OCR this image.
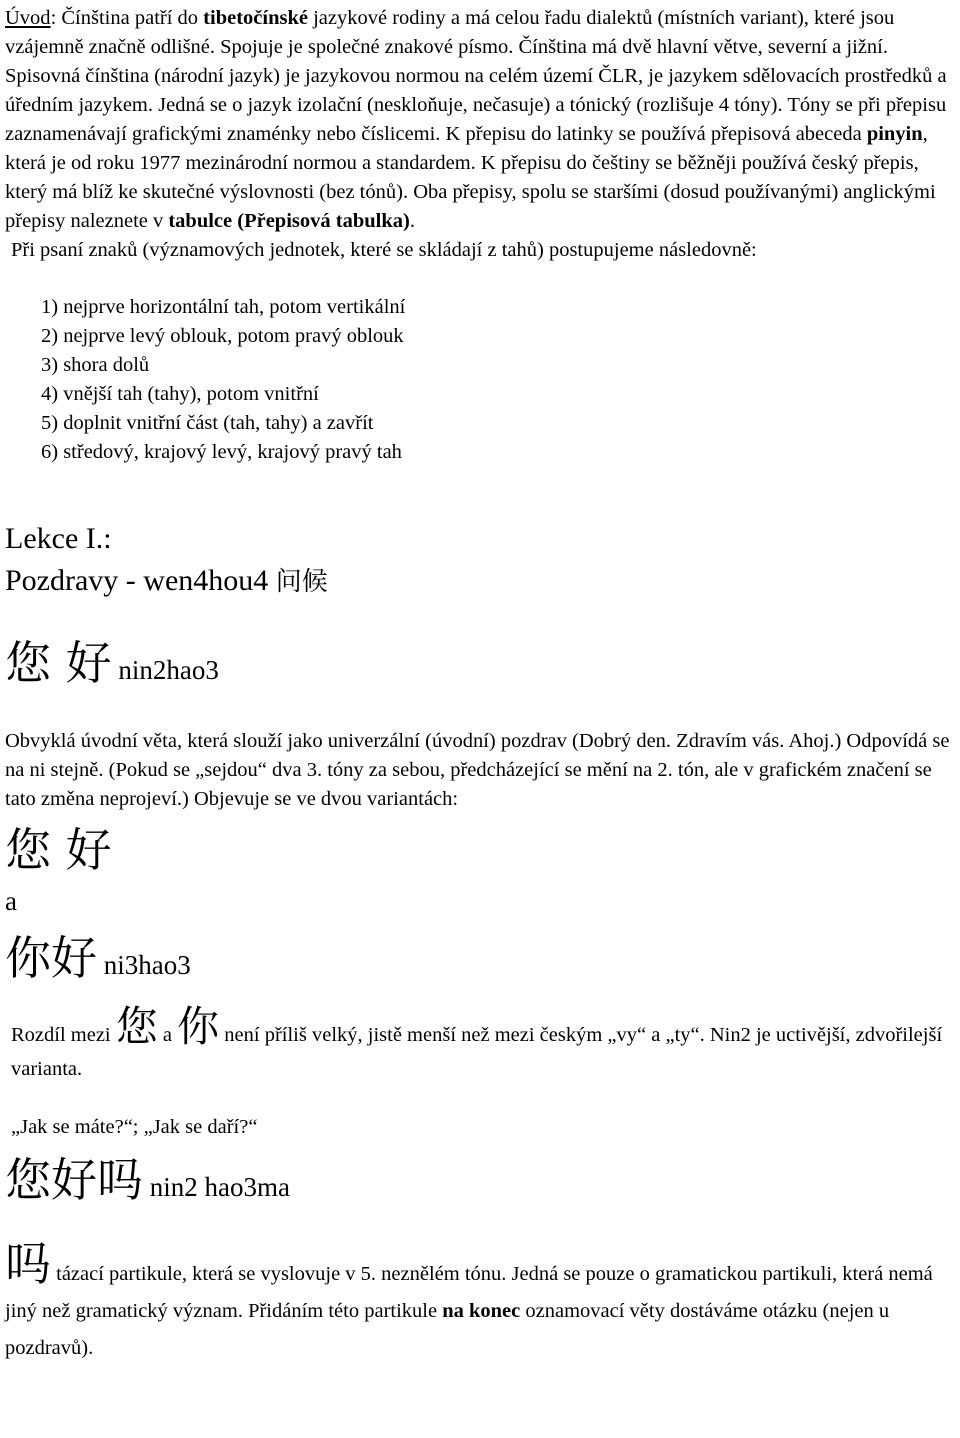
Úvod: Čínština patří do tibetočínské jazykové rodiny a má celou řadu dialektů (místních variant), které jsou vzájemně značně odlišné. Spojuje je společné znakové písmo. Čínština má dvě hlavní větve, severní a jižní. Spisovná čínština (národní jazyk) je jazykovou normou na celém území ČLR, je jazykem sdělovacích prostředků a úředním jazykem. Jedná se o jazyk izolační (neskloňuje, nečasuje) a tónický (rozlišuje 4 tóny). Tóny se při přepisu zaznamenávají grafickými znaménky nebo číslicemi. K přepisu do latinky se používá přepisová abeceda pinyin, která je od roku 1977 mezinárodní normou a standardem. K přepisu do češtiny se běžněji používá český přepis, který má blíž ke skutečné výslovnosti (bez tónů). Oba přepisy, spolu se staršími (dosud používanými) anglickými přepisy naleznete v tabulce (Přepisová tabulka).

Při psaní znaků (významových jednotek, které se skládají z tahů) postupujeme následovně:

1) nejprve horizontální tah, potom vertikální
2) nejprve levý oblouk, potom pravý oblouk
3) shora dolů
4) vnější tah (tahy), potom vnitřní
5) doplnit vnitřní část (tah, tahy) a zavřít
6) středový, krajový levý, krajový pravý tah

Lekce I.:

Pozdravy - wen4hou4 问候

您 好 nin2hao3

Obvyklá úvodní věta, která slouží jako univerzální (úvodní) pozdrav (Dobrý den. Zdravím vás. Ahoj.) Odpovídá se na ni stejně. (Pokud se „sejdou“ dva 3. tóny za sebou, předcházející se mění na 2. tón, ale v grafickém značení se tato změna neprojeví.) Objevuje se ve dvou variantách:

您 好

a

你好 ni3hao3

Rozdíl mezi 您 a 你 není příliš velký, jistě menší než mezi českým „vy“ a „ty“. Nin2 je uctivější, zdvořilejší varianta.

„Jak se máte?“; „Jak se daří?“

您好吗 nin2 hao3ma

吗 tázací partikule, která se vyslovuje v 5. neznělém tónu. Jedná se pouze o gramatickou partikuli, která nemá jiný než gramatický význam. Přidáním této partikule na konec oznamovací věty dostáváme otázku (nejen u pozdravů).
